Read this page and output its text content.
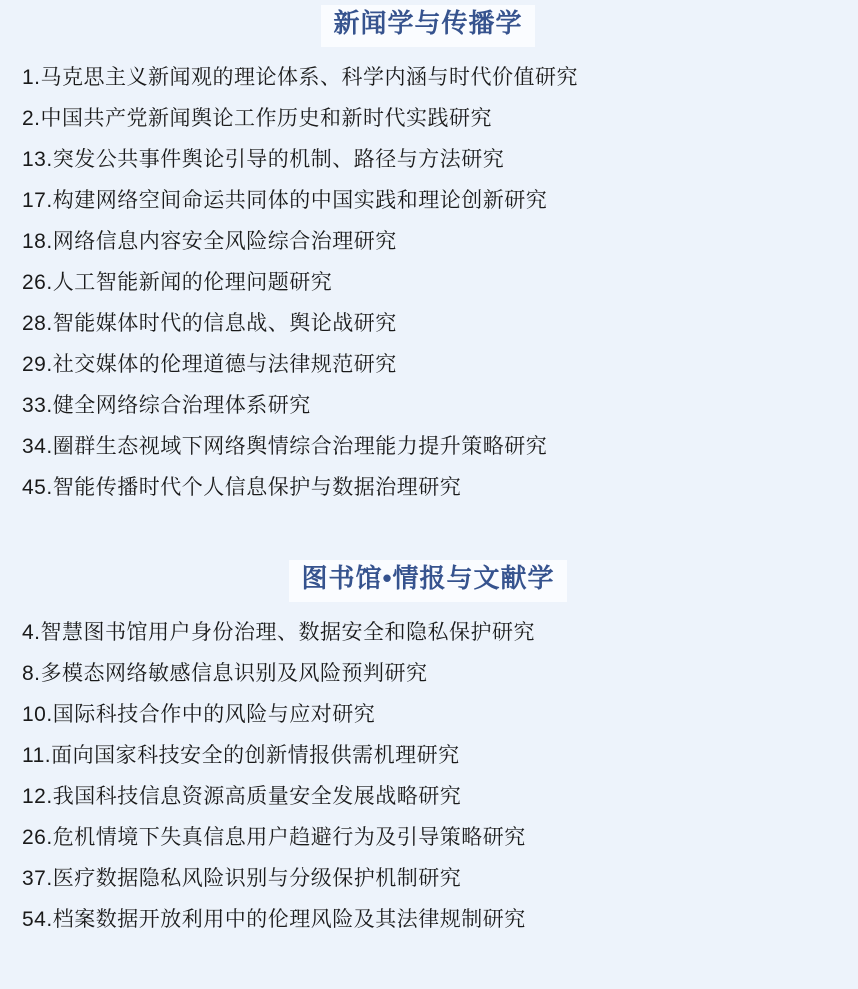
新闻学与传播学

1.马克思主义新闻观的理论体系、科学内涵与时代价值研究

2.中国共产党新闻舆论工作历史和新时代实践研究

13.突发公共事件舆论引导的机制、路径与方法研究

17.构建网络空间命运共同体的中国实践和理论创新研究

18.网络信息内容安全风险综合治理研究

26.人工智能新闻的伦理问题研究

28.智能媒体时代的信息战、舆论战研究

29.社交媒体的伦理道德与法律规范研究

33.健全网络综合治理体系研究

34.圈群生态视域下网络舆情综合治理能力提升策略研究

45.智能传播时代个人信息保护与数据治理研究

图书馆•情报与文献学

4.智慧图书馆用户身份治理、数据安全和隐私保护研究

8.多模态网络敏感信息识别及风险预判研究

10.国际科技合作中的风险与应对研究

11.面向国家科技安全的创新情报供需机理研究

12.我国科技信息资源高质量安全发展战略研究

26.危机情境下失真信息用户趋避行为及引导策略研究

37.医疗数据隐私风险识别与分级保护机制研究

54.档案数据开放利用中的伦理风险及其法律规制研究
